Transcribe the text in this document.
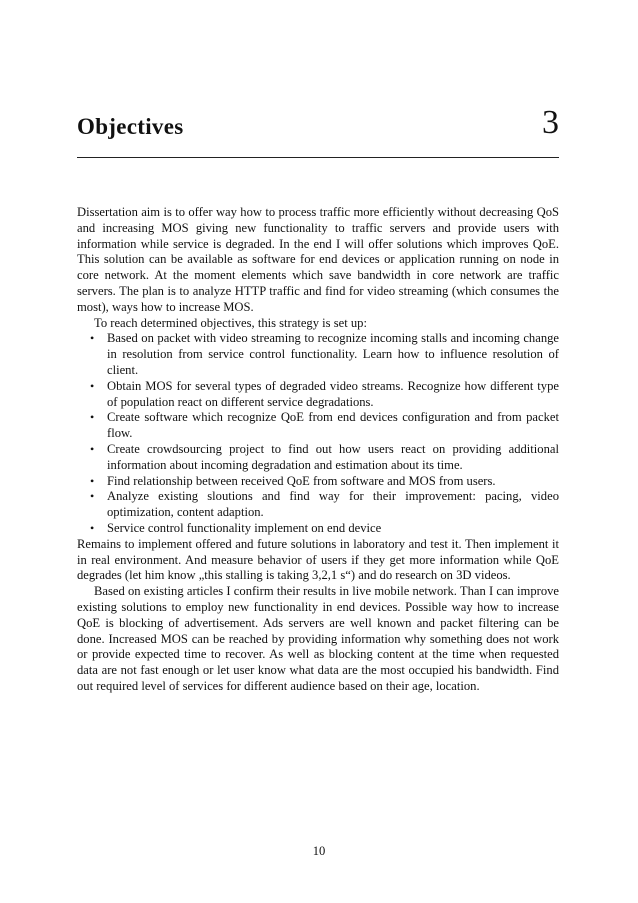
Objectives	3

Dissertation aim is to offer way how to process traffic more efficiently without decreasing QoS and increasing MOS giving new functionality to traffic servers and provide users with information while service is degraded. In the end I will offer solutions which improves QoE. This solution can be available as software for end devices or application running on node in core network. At the moment elements which save bandwidth in core network are traffic servers. The plan is to analyze HTTP traffic and find for video streaming (which consumes the most), ways how to increase MOS.

To reach determined objectives, this strategy is set up:

• Based on packet with video streaming to recognize incoming stalls and incoming change in resolution from service control functionality. Learn how to influence resolution of client.
• Obtain MOS for several types of degraded video streams. Recognize how different type of population react on different service degradations.
• Create software which recognize QoE from end devices configuration and from packet flow.
• Create crowdsourcing project to find out how users react on providing additional information about incoming degradation and estimation about its time.
• Find relationship between received QoE from software and MOS from users.
• Analyze existing sloutions and find way for their improvement: pacing, video optimization, content adaption.
• Service control functionality implement on end device

Remains to implement offered and future solutions in laboratory and test it. Then implement it in real environment. And measure behavior of users if they get more information while QoE degrades (let him know „this stalling is taking 3,2,1 s“) and do research on 3D videos.

Based on existing articles I confirm their results in live mobile network. Than I can improve existing solutions to employ new functionality in end devices. Possible way how to increase QoE is blocking of advertisement. Ads servers are well known and packet filtering can be done. Increased MOS can be reached by providing information why something does not work or provide expected time to recover. As well as blocking content at the time when requested data are not fast enough or let user know what data are the most occupied his bandwidth. Find out required level of services for different audience based on their age, location.

10
